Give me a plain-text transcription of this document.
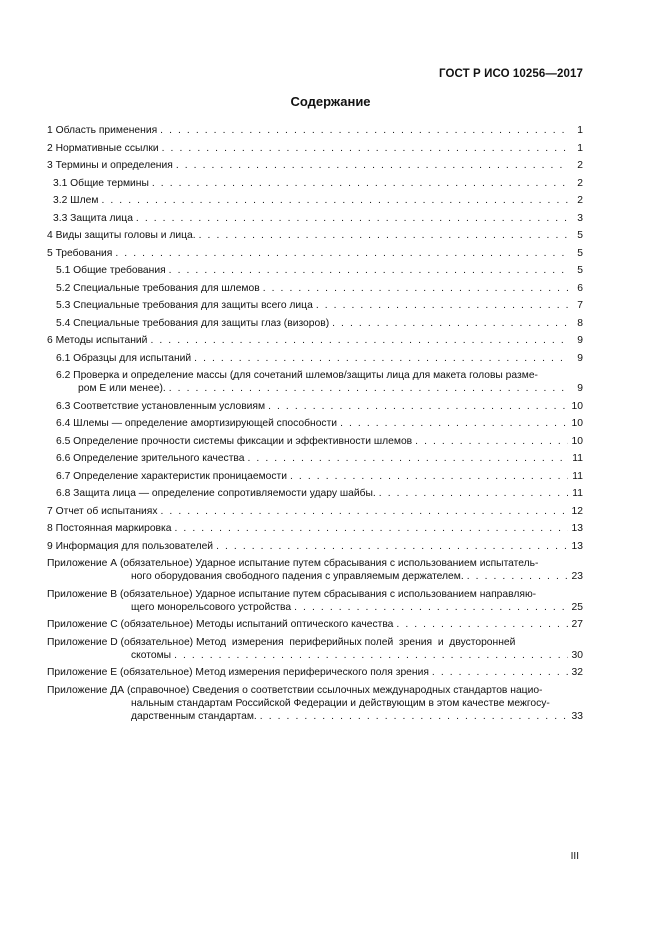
ГОСТ Р ИСО 10256—2017
Содержание
1 Область применения . . .	1
2 Нормативные ссылки . . .	1
3 Термины и определения . . .	2
3.1 Общие термины . . .	2
3.2 Шлем . . .	2
3.3 Защита лица . . .	3
4 Виды защиты головы и лица. . . .	5
5 Требования . . .	5
5.1 Общие требования . . .	5
5.2 Специальные требования для шлемов . . .	6
5.3 Специальные требования для защиты всего лица . . .	7
5.4 Специальные требования для защиты глаз (визоров) . . .	8
6 Методы испытаний . . .	9
6.1 Образцы для испытаний . . .	9
6.2 Проверка и определение массы (для сочетаний шлемов/защиты лица для макета головы разме-
ром E или менее). . . .	9
6.3 Соответствие установленным условиям . . .	10
6.4 Шлемы — определение амортизирующей способности . . .	10
6.5 Определение прочности системы фиксации и эффективности шлемов . . .	10
6.6 Определение зрительного качества . . .	11
6.7 Определение характеристик проницаемости . . .	11
6.8 Защита лица — определение сопротивляемости удару шайбы. . . .	11
7 Отчет об испытаниях . . .	12
8 Постоянная маркировка . . .	13
9 Информация для пользователей . . .	13
Приложение А (обязательное) Ударное испытание путем сбрасывания с использованием испытатель-
ного оборудования свободного падения с управляемым держателем. . . .	23
Приложение В (обязательное) Ударное испытание путем сбрасывания с использованием направляю-
щего монорельсового устройства . . .	25
Приложение С (обязательное) Методы испытаний оптического качества . . .	27
Приложение D (обязательное) Метод  измерения  периферийных полей  зрения  и  двусторонней
скотомы . . .	30
Приложение Е (обязательное) Метод измерения периферического поля зрения . . .	32
Приложение ДА (справочное) Сведения о соответствии ссылочных международных стандартов нацио-
нальным стандартам Российской Федерации и действующим в этом качестве межгосу-
дарственным стандартам. . . .	33
III
